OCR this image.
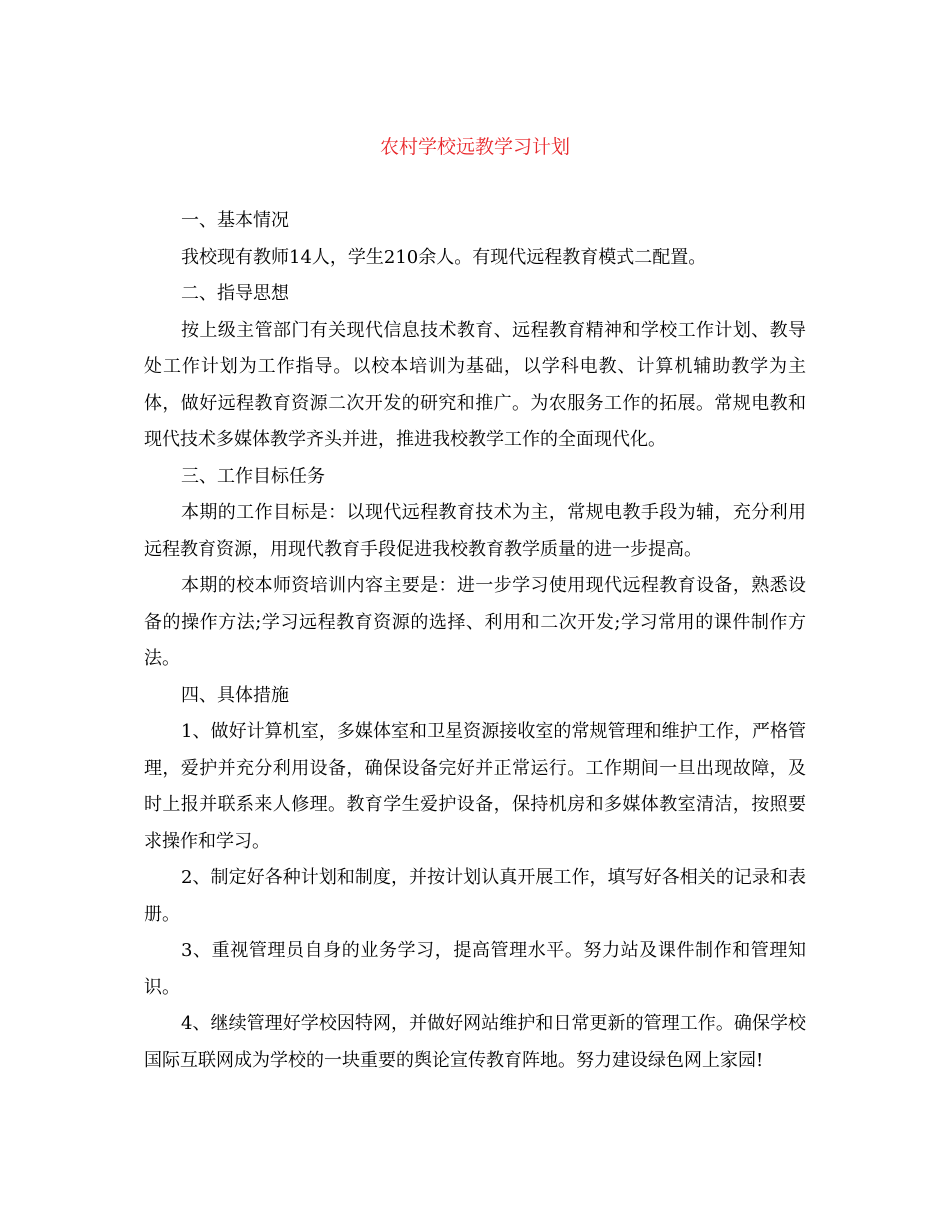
农村学校远教学习计划

一、基本情况

我校现有教师14人，学生210余人。有现代远程教育模式二配置。

二、指导思想

按上级主管部门有关现代信息技术教育、远程教育精神和学校工作计划、教导处工作计划为工作指导。以校本培训为基础，以学科电教、计算机辅助教学为主体，做好远程教育资源二次开发的研究和推广。为农服务工作的拓展。常规电教和现代技术多媒体教学齐头并进，推进我校教学工作的全面现代化。

三、工作目标任务

本期的工作目标是：以现代远程教育技术为主，常规电教手段为辅，充分利用远程教育资源，用现代教育手段促进我校教育教学质量的进一步提高。

本期的校本师资培训内容主要是：进一步学习使用现代远程教育设备，熟悉设备的操作方法;学习远程教育资源的选择、利用和二次开发;学习常用的课件制作方法。

四、具体措施

1、做好计算机室，多媒体室和卫星资源接收室的常规管理和维护工作，严格管理，爱护并充分利用设备，确保设备完好并正常运行。工作期间一旦出现故障，及时上报并联系来人修理。教育学生爱护设备，保持机房和多媒体教室清洁，按照要求操作和学习。

2、制定好各种计划和制度，并按计划认真开展工作，填写好各相关的记录和表册。

3、重视管理员自身的业务学习，提高管理水平。努力站及课件制作和管理知识。

4、继续管理好学校因特网，并做好网站维护和日常更新的管理工作。确保学校国际互联网成为学校的一块重要的舆论宣传教育阵地。努力建设绿色网上家园!
